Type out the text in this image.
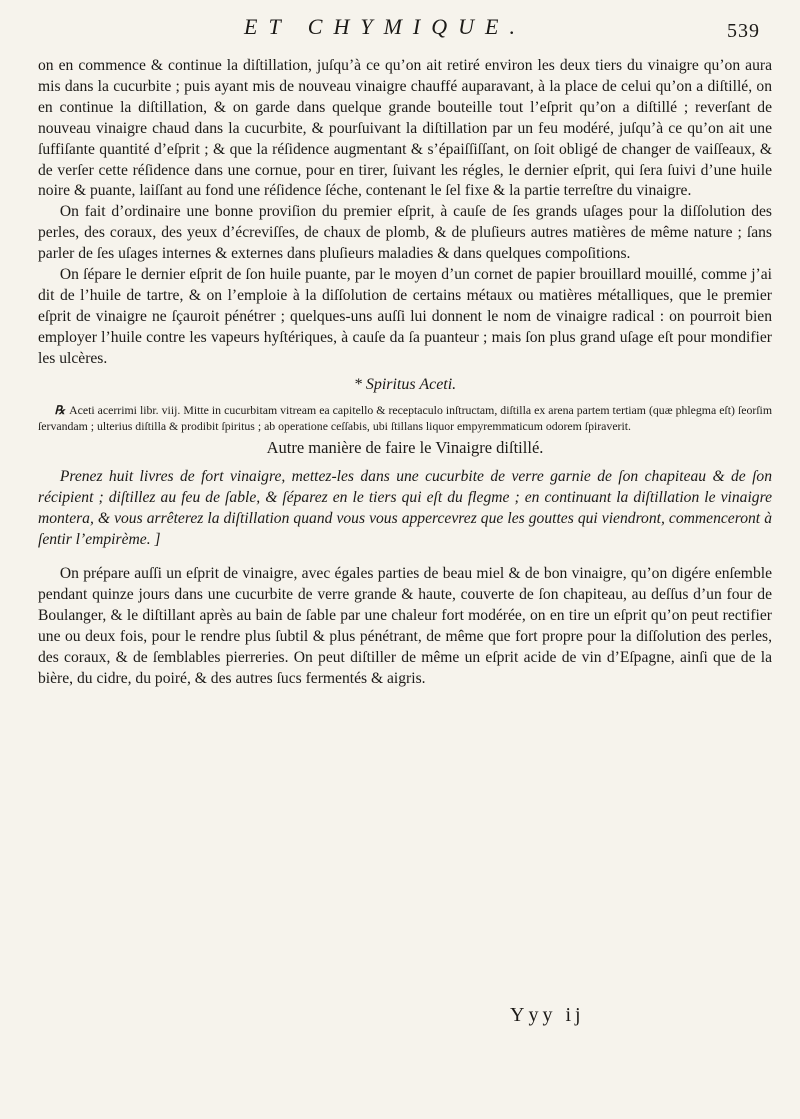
ET CHYMIQUE.	539

on en commence & continue la diſtillation, juſqu’à ce qu’on ait retiré environ les deux tiers du vinaigre qu’on aura mis dans la cucurbite ; puis ayant mis de nouveau vinaigre chauffé auparavant, à la place de celui qu’on a diſtillé, on en continue la diſtillation, & on garde dans quelque grande bouteille tout l’eſprit qu’on a diſtillé ; reverſant de nouveau vinaigre chaud dans la cucurbite, & pourſuivant la diſtillation par un feu modéré, juſqu’à ce qu’on ait une ſuffiſante quantité d’eſprit ; & que la réſidence augmentant & s’épaiſſiſſant, on ſoit obligé de changer de vaiſſeaux, & de verſer cette réſidence dans une cornue, pour en tirer, ſuivant les régles, le dernier eſprit, qui ſera ſuivi d’une huile noire & puante, laiſſant au fond une réſidence ſéche, contenant le ſel fixe & la partie terreſtre du vinaigre.

On fait d’ordinaire une bonne proviſion du premier eſprit, à cauſe de ſes grands uſages pour la diſſolution des perles, des coraux, des yeux d’écreviſſes, de chaux de plomb, & de pluſieurs autres matières de même nature ; ſans parler de ſes uſages internes & externes dans pluſieurs maladies & dans quelques compoſitions.

On ſépare le dernier eſprit de ſon huile puante, par le moyen d’un cornet de papier brouillard mouillé, comme j’ai dit de l’huile de tartre, & on l’emploie à la diſſolution de certains métaux ou matières métalliques, que le premier eſprit de vinaigre ne ſçauroit pénétrer ; quelques-uns auſſi lui donnent le nom de vinaigre radical : on pourroit bien employer l’huile contre les vapeurs hyſtériques, à cauſe da ſa puanteur ; mais ſon plus grand uſage eſt pour mondifier les ulcères.

* Spiritus Aceti.

℞ Aceti acerrimi libr. viij. Mitte in cucurbitam vitream ea capitello & receptaculo inſtructam, diſtilla ex arena partem tertiam (quæ phlegma eſt) ſeorſim ſervandam ; ulterius diſtilla & prodibit ſpiritus ; ab operatione ceſſabis, ubi ſtillans liquor empyremmaticum odorem ſpiraverit.

Autre manière de faire le Vinaigre diſtillé.

Prenez huit livres de fort vinaigre, mettez-les dans une cucurbite de verre garnie de ſon chapiteau & de ſon récipient ; diſtillez au feu de ſable, & ſéparez en le tiers qui eſt du flegme ; en continuant la diſtillation le vinaigre montera, & vous arrêterez la diſtillation quand vous vous appercevrez que les gouttes qui viendront, commenceront à ſentir l’empirème. ]

On prépare auſſi un eſprit de vinaigre, avec égales parties de beau miel & de bon vinaigre, qu’on digére enſemble pendant quinze jours dans une cucurbite de verre grande & haute, couverte de ſon chapiteau, au deſſus d’un four de Boulanger, & le diſtillant après au bain de ſable par une chaleur fort modérée, on en tire un eſprit qu’on peut rectifier une ou deux fois, pour le rendre plus ſubtil & plus pénétrant, de même que fort propre pour la diſſolution des perles, des coraux, & de ſemblables pierreries. On peut diſtiller de même un eſprit acide de vin d’Eſpagne, ainſi que de la bière, du cidre, du poiré, & des autres ſucs fermentés & aigris.

Yyy ij
